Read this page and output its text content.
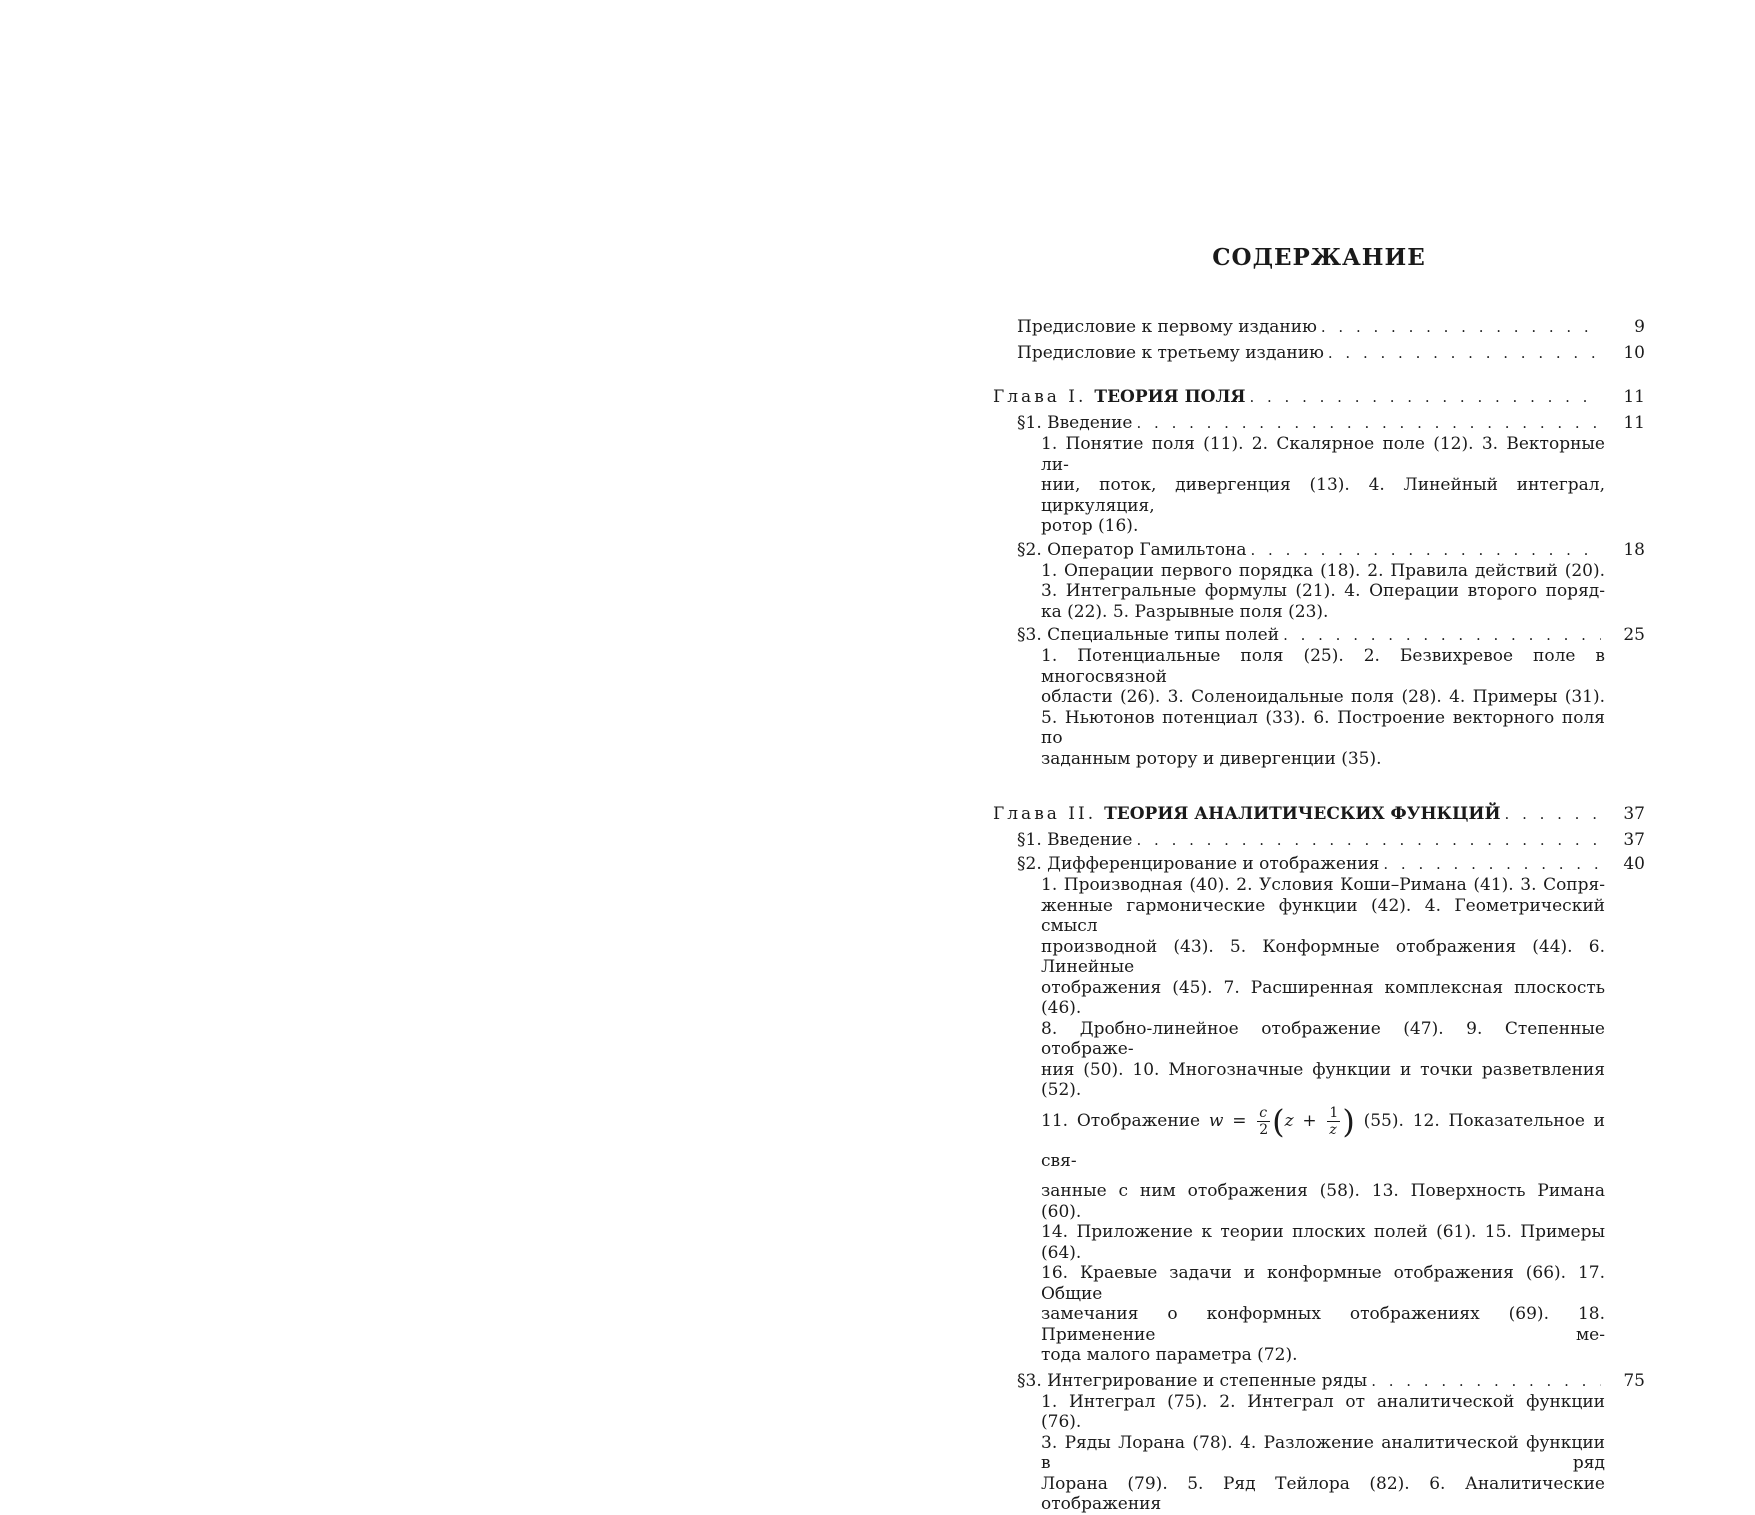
СОДЕРЖАНИЕ
Предисловие к первому изданию . . .	9
Предисловие к третьему изданию . . .	10
Глава I. ТЕОРИЯ ПОЛЯ . . .	11
§1. Введение . . .	11
1. Понятие поля (11). 2. Скалярное поле (12). 3. Векторные ли-
нии, поток, дивергенция (13). 4. Линейный интеграл, циркуляция,
ротор (16).
§2. Оператор Гамильтона . . .	18
1. Операции первого порядка (18). 2. Правила действий (20).
3. Интегральные формулы (21). 4. Операции второго поряд-
ка (22). 5. Разрывные поля (23).
§3. Специальные типы полей . . .	25
1. Потенциальные поля (25). 2. Безвихревое поле в многосвязной
области (26). 3. Соленоидальные поля (28). 4. Примеры (31).
5. Ньютонов потенциал (33). 6. Построение векторного поля по
заданным ротору и дивергенции (35).
Глава II. ТЕОРИЯ АНАЛИТИЧЕСКИХ ФУНКЦИЙ . . .	37
§1. Введение . . .	37
§2. Дифференцирование и отображения . . .	40
1. Производная (40). 2. Условия Коши–Римана (41). 3. Сопря-
женные гармонические функции (42). 4. Геометрический смысл
производной (43). 5. Конформные отображения (44). 6. Линейные
отображения (45). 7. Расширенная комплексная плоскость (46).
8. Дробно-линейное отображение (47). 9. Степенные отображе-
ния (50). 10. Многозначные функции и точки разветвления (52).
11. Отображение $w = \frac{c}{2} (z + \frac{1}{z}$ ) (55). 12. Показательное и свя-
занные с ним отображения (58). 13. Поверхность Римана (60).
14. Приложение к теории плоских полей (61). 15. Примеры (64).
16. Краевые задачи и конформные отображения (66). 17. Общие
замечания о конформных отображениях (69). 18. Применение ме-
тода малого параметра (72).
§3. Интегрирование и степенные ряды . . .	75
1. Интеграл (75). 2. Интеграл от аналитической функции (76).
3. Ряды Лорана (78). 4. Разложение аналитической функции в ряд
Лорана (79). 5. Ряд Тейлора (82). 6. Аналитические отображения
